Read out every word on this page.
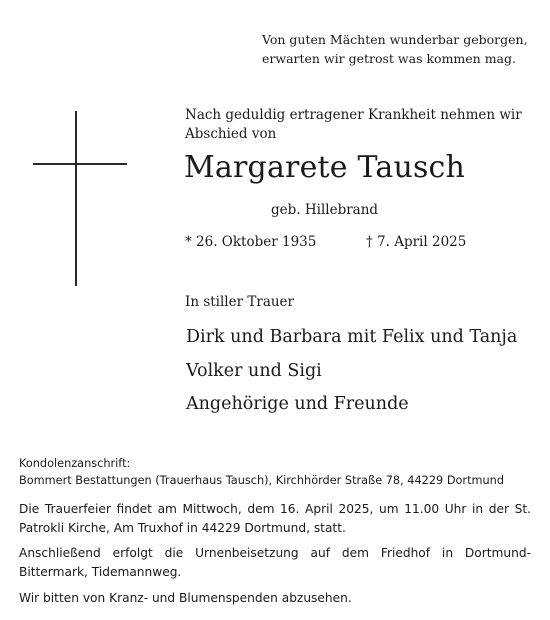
Von guten Mächten wunderbar geborgen,
erwarten wir getrost was kommen mag.
Nach geduldig ertragener Krankheit nehmen wir
Abschied von
Margarete Tausch
geb. Hillebrand
* 26. Oktober 1935	† 7. April 2025
In stiller Trauer
Dirk und Barbara mit Felix und Tanja
Volker und Sigi
Angehörige und Freunde
Kondolenzanschrift:
Bommert Bestattungen (Trauerhaus Tausch), Kirchhörder Straße 78, 44229 Dortmund
Die Trauerfeier findet am Mittwoch, dem 16. April 2025, um 11.00 Uhr in der St. Patrokli Kirche, Am Truxhof in 44229 Dortmund, statt.
Anschließend erfolgt die Urnenbeisetzung auf dem Friedhof in Dortmund-Bittermark, Tidemannweg.
Wir bitten von Kranz- und Blumenspenden abzusehen.
